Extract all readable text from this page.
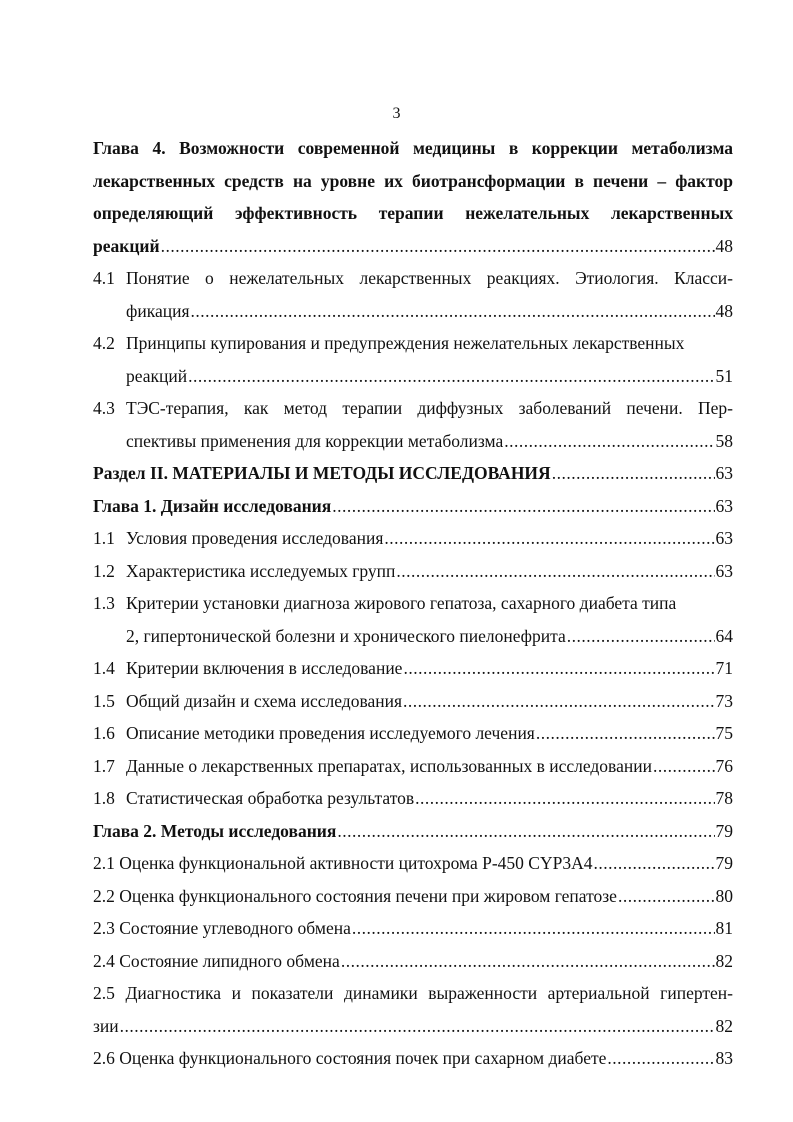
3
Глава 4. Возможности современной медицины в коррекции метаболизма
лекарственных средств на уровне их биотрансформации в печени – фактор
определяющий эффективность терапии нежелательных лекарственных
реакций .....	48
4.1 Понятие о нежелательных лекарственных реакциях. Этиология. Класси-
фикация .....	48
4.2 Принципы купирования и предупреждения нежелательных лекарственных
реакций .....	51
4.3 ТЭС-терапия, как метод терапии диффузных заболеваний печени. Пер-
спективы применения для коррекции метаболизма .....	58
Раздел II. МАТЕРИАЛЫ И МЕТОДЫ ИССЛЕДОВАНИЯ .....	63
Глава 1. Дизайн исследования .....	63
1.1 Условия проведения исследования .....	63
1.2 Характеристика исследуемых групп .....	63
1.3 Критерии установки диагноза жирового гепатоза, сахарного диабета типа
2, гипертонической болезни и хронического пиелонефрита .....	64
1.4 Критерии включения в исследование .....	71
1.5 Общий дизайн и схема исследования .....	73
1.6 Описание методики проведения исследуемого лечения .....	75
1.7 Данные о лекарственных препаратах, использованных в исследовании .....	76
1.8 Статистическая обработка результатов .....	78
Глава 2. Методы исследования .....	79
2.1 Оценка функциональной активности цитохрома Р-450 CYP3A4 .....	79
2.2 Оценка функционального состояния печени при жировом гепатозе .....	80
2.3 Состояние углеводного обмена .....	81
2.4 Состояние липидного обмена .....	82
2.5 Диагностика и показатели динамики выраженности артериальной гипертен-
зии .....	82
2.6 Оценка функционального состояния почек при сахарном диабете .....	83
